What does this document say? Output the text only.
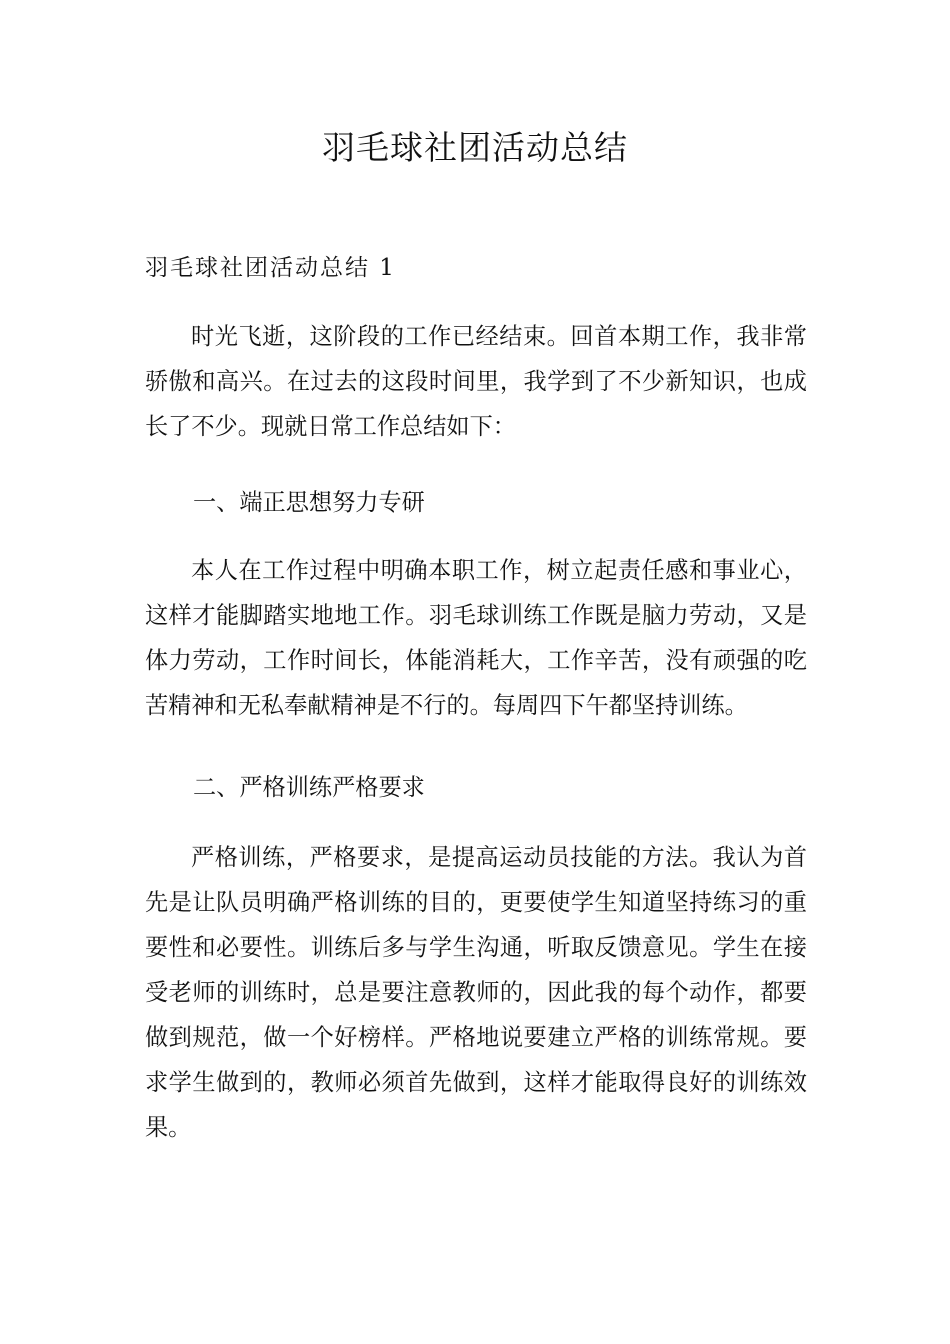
羽毛球社团活动总结
羽毛球社团活动总结 1

时光飞逝，这阶段的工作已经结束。回首本期工作，我非常骄傲和高兴。在过去的这段时间里，我学到了不少新知识，也成长了不少。现就日常工作总结如下：

一、端正思想努力专研

本人在工作过程中明确本职工作，树立起责任感和事业心，这样才能脚踏实地地工作。羽毛球训练工作既是脑力劳动，又是体力劳动，工作时间长，体能消耗大，工作辛苦，没有顽强的吃苦精神和无私奉献精神是不行的。每周四下午都坚持训练。

二、严格训练严格要求

严格训练，严格要求，是提高运动员技能的方法。我认为首先是让队员明确严格训练的目的，更要使学生知道坚持练习的重要性和必要性。训练后多与学生沟通，听取反馈意见。学生在接受老师的训练时，总是要注意教师的，因此我的每个动作，都要做到规范，做一个好榜样。严格地说要建立严格的训练常规。要求学生做到的，教师必须首先做到，这样才能取得良好的训练效果。
